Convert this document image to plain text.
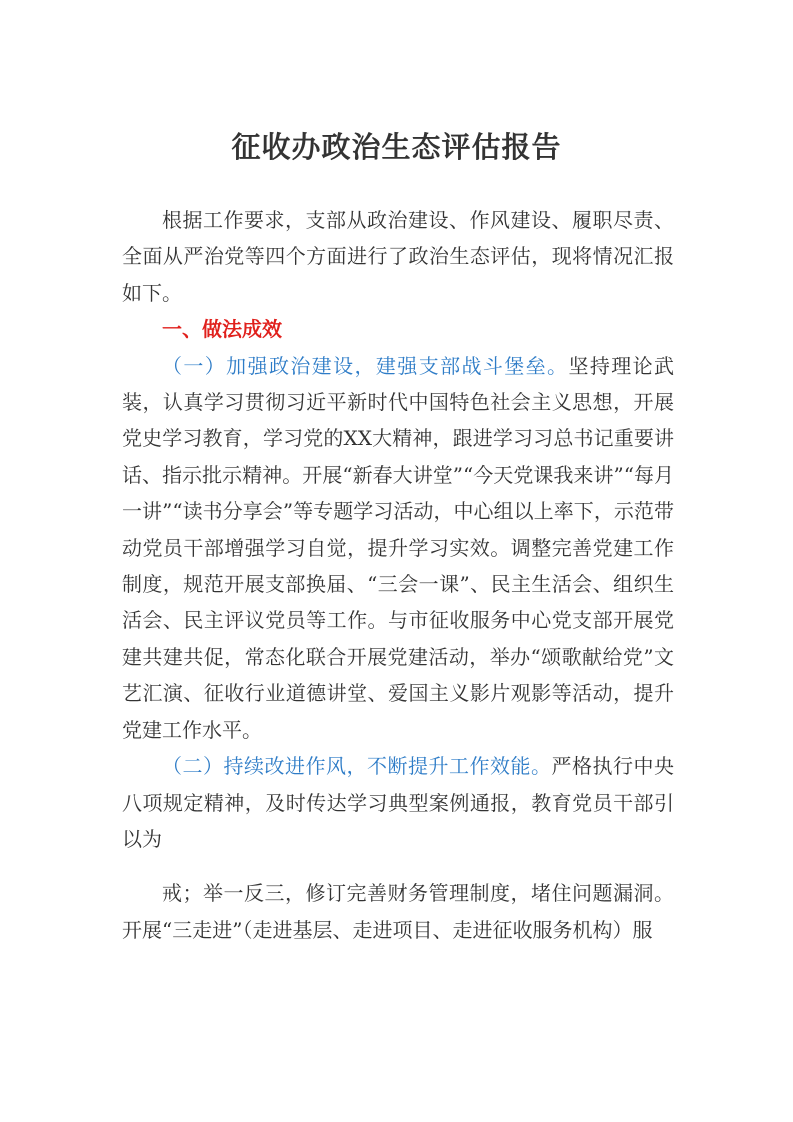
征收办政治生态评估报告

根据工作要求，支部从政治建设、作风建设、履职尽责、全面从严治党等四个方面进行了政治生态评估，现将情况汇报如下。

一、做法成效

（一）加强政治建设，建强支部战斗堡垒。坚持理论武装，认真学习贯彻习近平新时代中国特色社会主义思想，开展党史学习教育，学习党的XX大精神，跟进学习习总书记重要讲话、指示批示精神。开展“新春大讲堂”“今天党课我来讲”“每月一讲”“读书分享会”等专题学习活动，中心组以上率下，示范带动党员干部增强学习自觉，提升学习实效。调整完善党建工作制度，规范开展支部换届、“三会一课”、民主生活会、组织生活会、民主评议党员等工作。与市征收服务中心党支部开展党建共建共促，常态化联合开展党建活动，举办“颂歌献给党”文艺汇演、征收行业道德讲堂、爱国主义影片观影等活动，提升党建工作水平。

（二）持续改进作风，不断提升工作效能。严格执行中央八项规定精神，及时传达学习典型案例通报，教育党员干部引以为

戒；举一反三，修订完善财务管理制度，堵住问题漏洞。开展“三走进”（走进基层、走进项目、走进征收服务机构）服
